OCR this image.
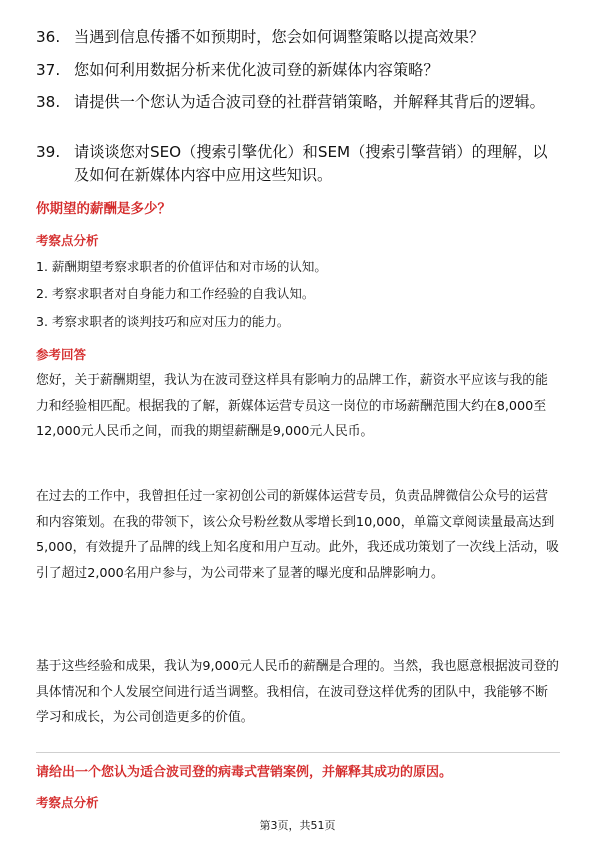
36. 当遇到信息传播不如预期时，您会如何调整策略以提高效果？
37. 您如何利用数据分析来优化波司登的新媒体内容策略？
38. 请提供一个您认为适合波司登的社群营销策略，并解释其背后的逻辑。
39. 请谈谈您对SEO（搜索引擎优化）和SEM（搜索引擎营销）的理解，以及如何在新媒体内容中应用这些知识。
你期望的薪酬是多少？
考察点分析
1. 薪酬期望考察求职者的价值评估和对市场的认知。
2. 考察求职者对自身能力和工作经验的自我认知。
3. 考察求职者的谈判技巧和应对压力的能力。
参考回答
您好，关于薪酬期望，我认为在波司登这样具有影响力的品牌工作，薪资水平应该与我的能力和经验相匹配。根据我的了解，新媒体运营专员这一岗位的市场薪酬范围大约在8,000至12,000元人民币之间，而我的期望薪酬是9,000元人民币。
在过去的工作中，我曾担任过一家初创公司的新媒体运营专员，负责品牌微信公众号的运营和内容策划。在我的带领下，该公众号粉丝数从零增长到10,000，单篇文章阅读量最高达到5,000，有效提升了品牌的线上知名度和用户互动。此外，我还成功策划了一次线上活动，吸引了超过2,000名用户参与，为公司带来了显著的曝光度和品牌影响力。
基于这些经验和成果，我认为9,000元人民币的薪酬是合理的。当然，我也愿意根据波司登的具体情况和个人发展空间进行适当调整。我相信，在波司登这样优秀的团队中，我能够不断学习和成长，为公司创造更多的价值。
请给出一个您认为适合波司登的病毒式营销案例，并解释其成功的原因。
考察点分析
第3页，共51页
